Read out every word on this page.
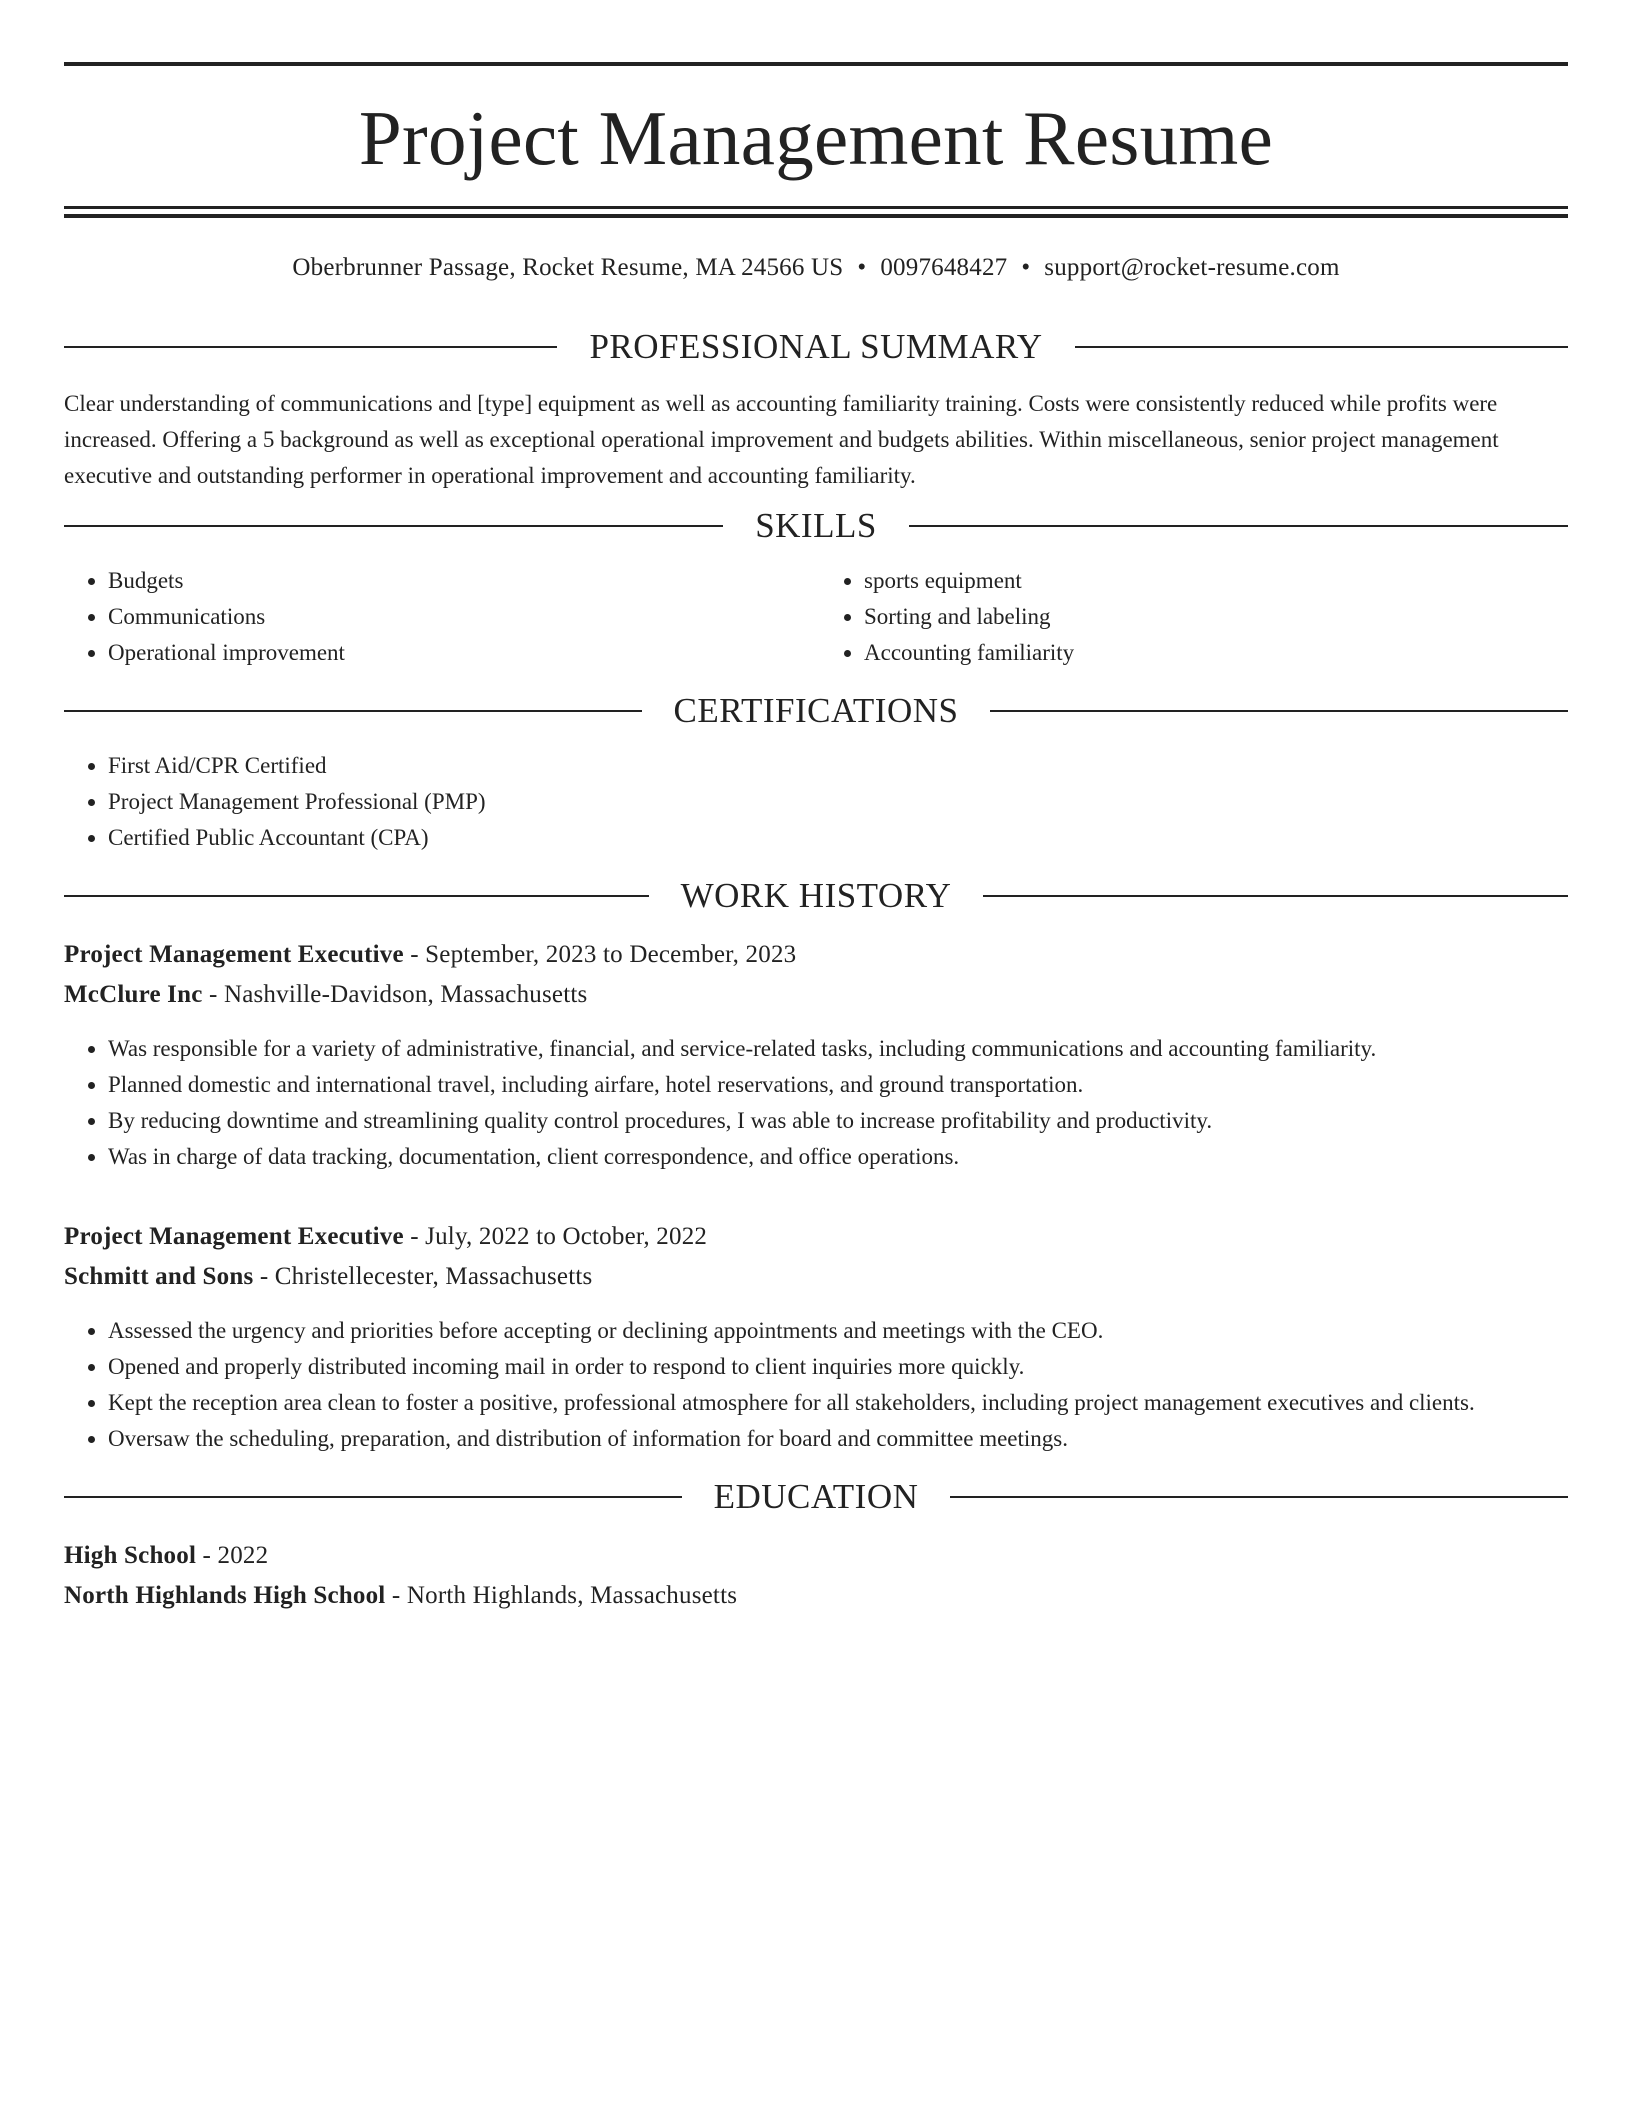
Project Management Resume
Oberbrunner Passage, Rocket Resume, MA 24566 US • 0097648427 • support@rocket-resume.com
PROFESSIONAL SUMMARY

Clear understanding of communications and [type] equipment as well as accounting familiarity training. Costs were consistently reduced while profits were increased. Offering a 5 background as well as exceptional operational improvement and budgets abilities. Within miscellaneous, senior project management executive and outstanding performer in operational improvement and accounting familiarity.

SKILLS
• Budgets
• Communications
• Operational improvement
• sports equipment
• Sorting and labeling
• Accounting familiarity
CERTIFICATIONS
• First Aid/CPR Certified
• Project Management Professional (PMP)
• Certified Public Accountant (CPA)
WORK HISTORY
Project Management Executive - September, 2023 to December, 2023
McClure Inc - Nashville-Davidson, Massachusetts
• Was responsible for a variety of administrative, financial, and service-related tasks, including communications and accounting familiarity.
• Planned domestic and international travel, including airfare, hotel reservations, and ground transportation.
• By reducing downtime and streamlining quality control procedures, I was able to increase profitability and productivity.
• Was in charge of data tracking, documentation, client correspondence, and office operations.
Project Management Executive - July, 2022 to October, 2022
Schmitt and Sons - Christellecester, Massachusetts
• Assessed the urgency and priorities before accepting or declining appointments and meetings with the CEO.
• Opened and properly distributed incoming mail in order to respond to client inquiries more quickly.
• Kept the reception area clean to foster a positive, professional atmosphere for all stakeholders, including project management executives and clients.
• Oversaw the scheduling, preparation, and distribution of information for board and committee meetings.
EDUCATION
High School - 2022
North Highlands High School - North Highlands, Massachusetts
